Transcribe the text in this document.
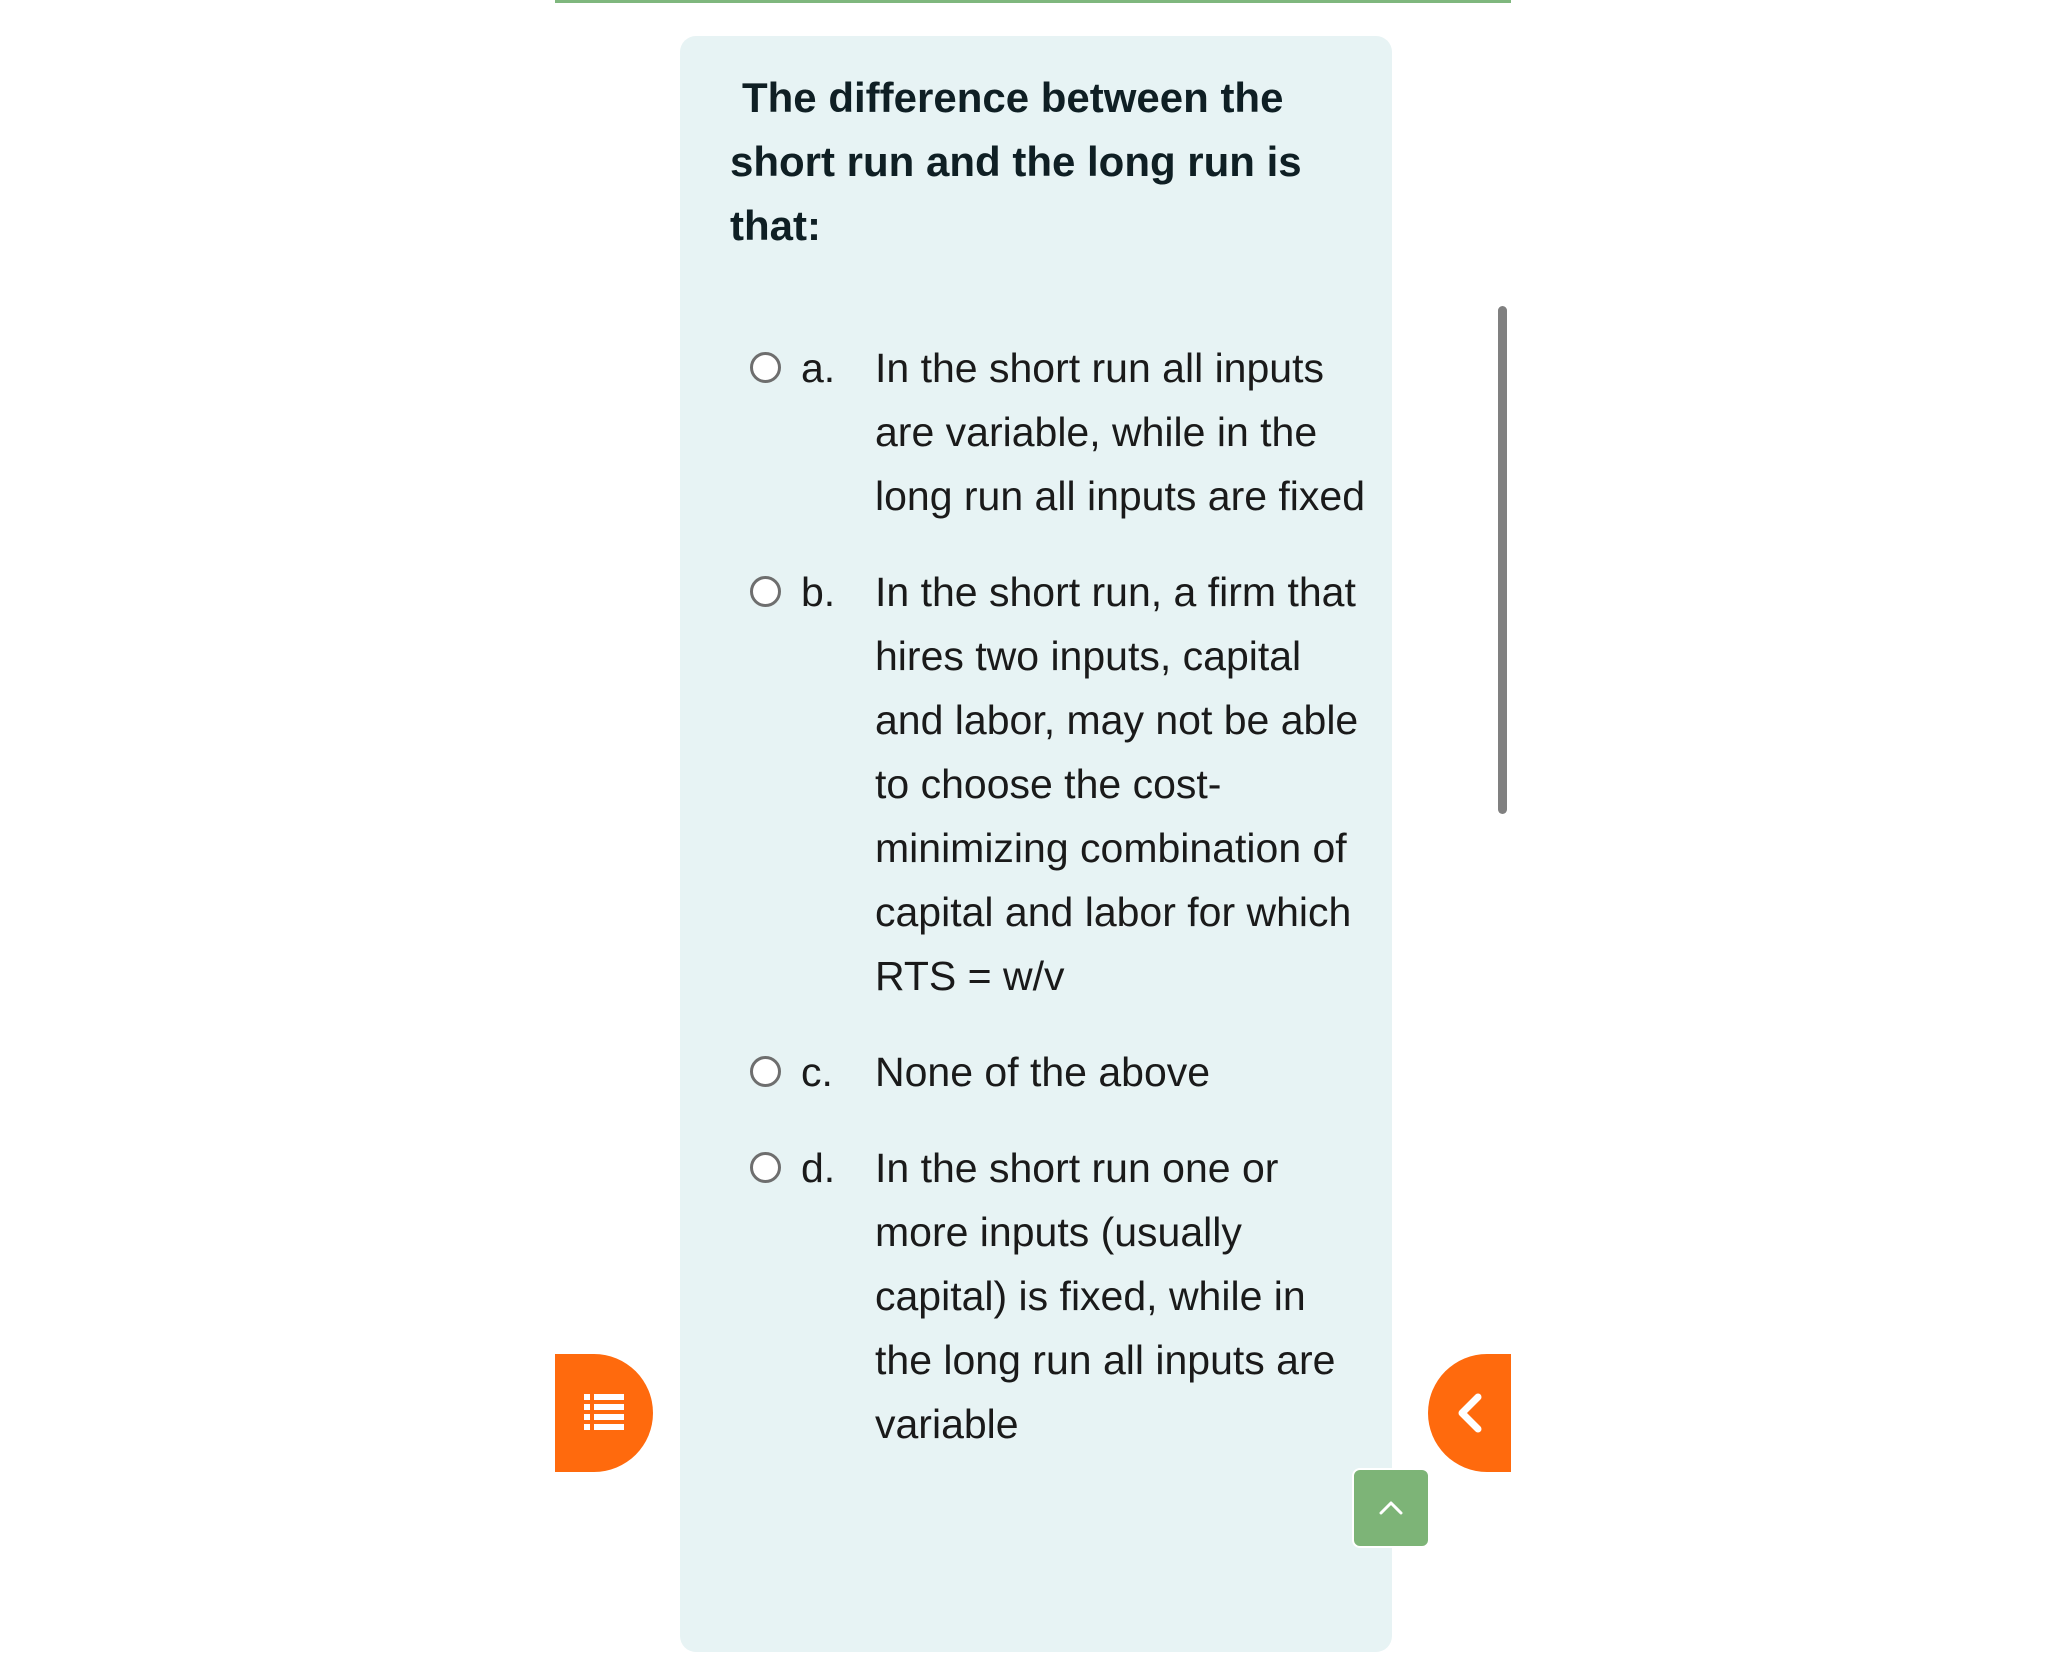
The difference between the
short run and the long run is that:
a. In the short run all inputs are variable, while in the long run all inputs are fixed
b. In the short run, a firm that hires two inputs, capital and labor, may not be able to choose the cost- minimizing combination of capital and labor for which RTS = w/v
c.	None of the above
d. In the short run one or more inputs (usually capital) is fixed, while in the long run all inputs are variable
